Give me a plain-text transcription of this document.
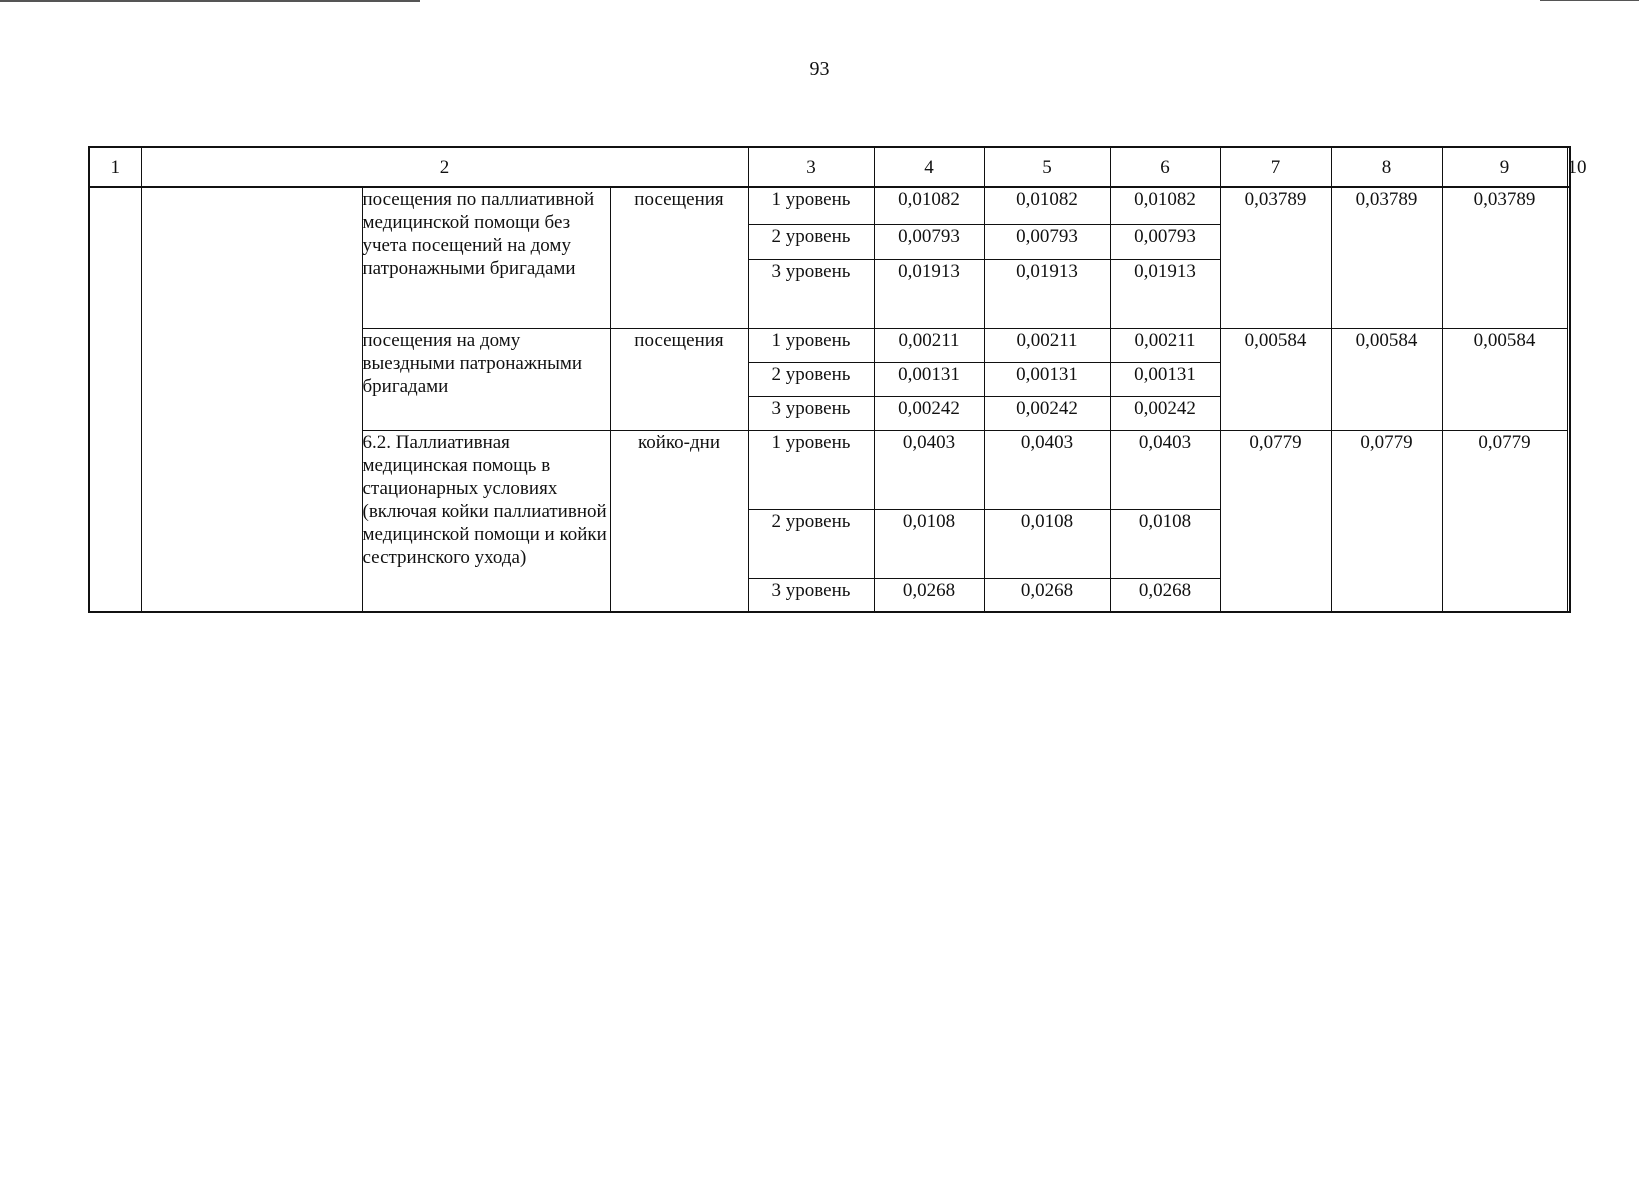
93
1	2			3	4	5	6	7	8	9	10
		посещения по паллиативной медицинской помощи без учета посещений на дому патронажными бригадами	посещения	1 уровень	0,01082	0,01082	0,01082	0,03789	0,03789	0,03789	
				2 уровень	0,00793	0,00793	0,00793				
				3 уровень	0,01913	0,01913	0,01913				
		посещения на дому выездными патронажными бригадами	посещения	1 уровень	0,00211	0,00211	0,00211	0,00584	0,00584	0,00584	
				2 уровень	0,00131	0,00131	0,00131				
				3 уровень	0,00242	0,00242	0,00242				
		6.2. Паллиативная медицинская помощь в стационарных условиях (включая койки паллиативной медицинской помощи и койки сестринского ухода)	койко-дни	1 уровень	0,0403	0,0403	0,0403	0,0779	0,0779	0,0779	
				2 уровень	0,0108	0,0108	0,0108				
				3 уровень	0,0268	0,0268	0,0268				
